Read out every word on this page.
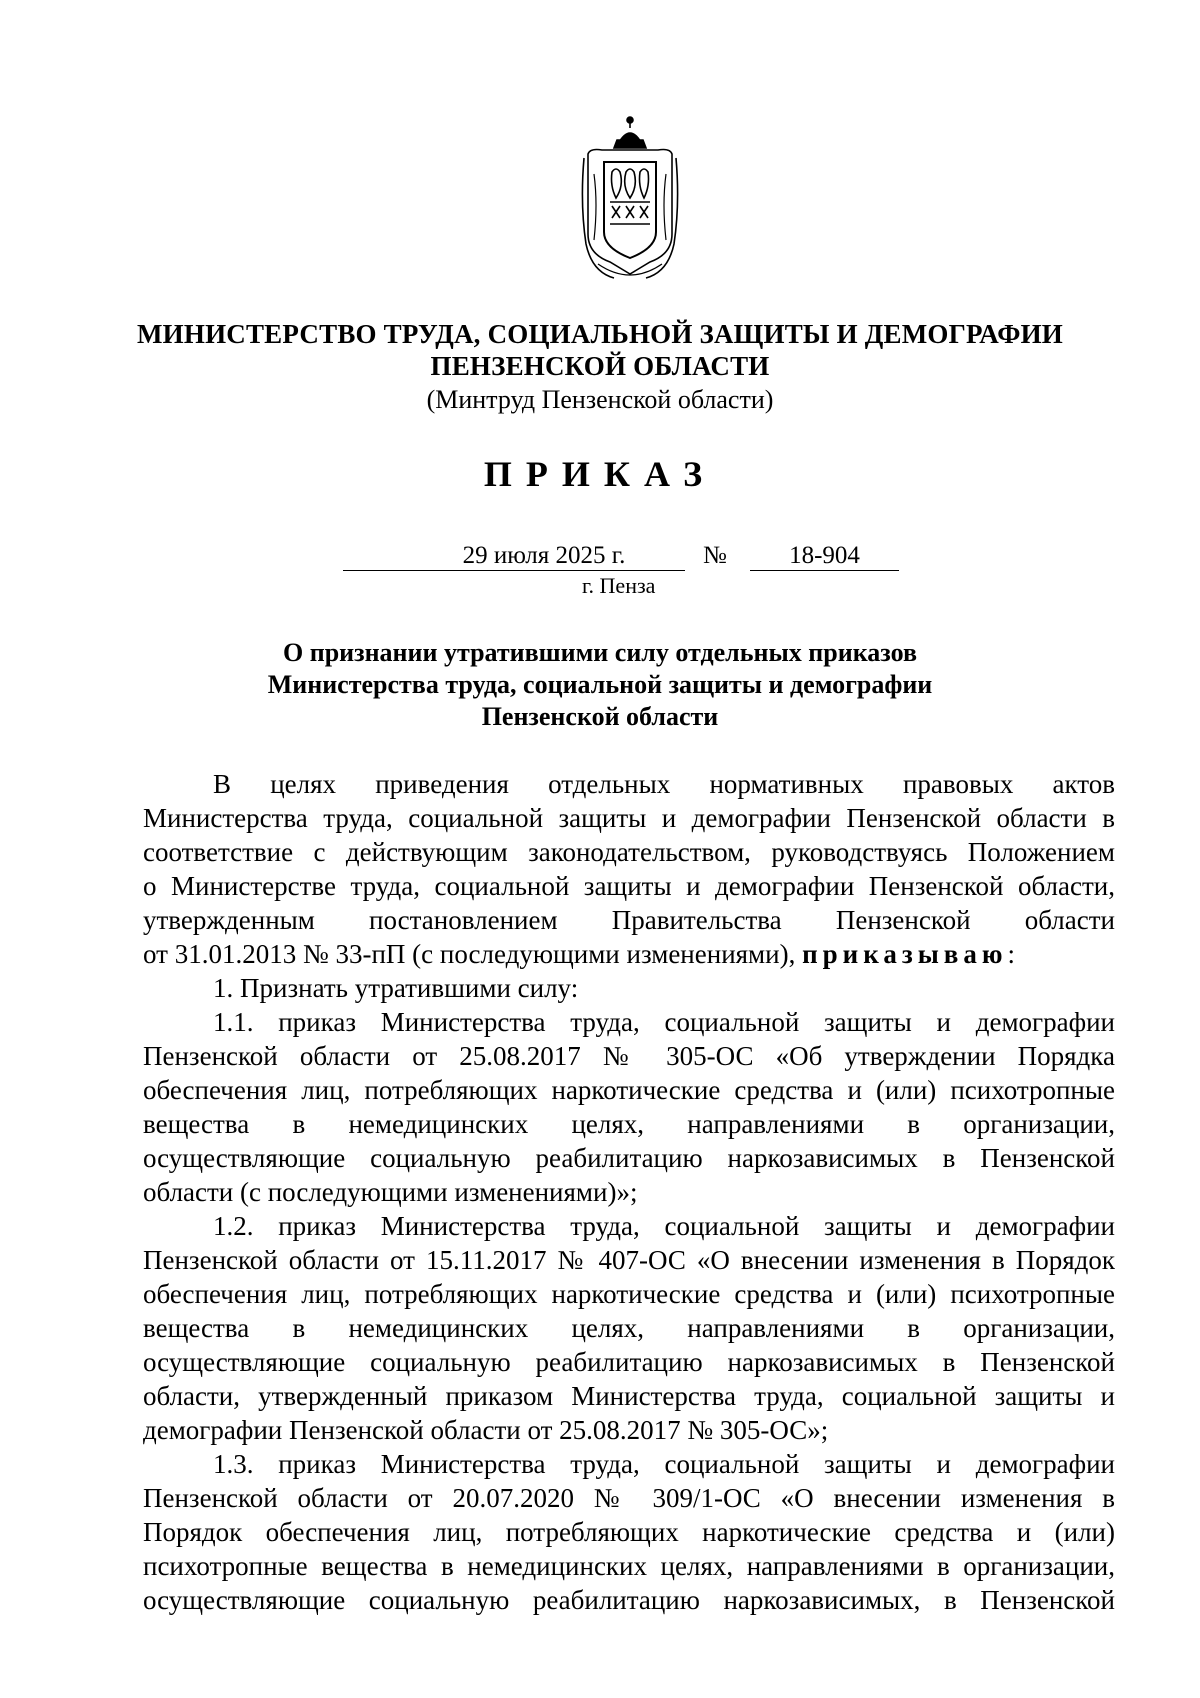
МИНИСТЕРСТВО ТРУДА, СОЦИАЛЬНОЙ ЗАЩИТЫ И ДЕМОГРАФИИ
ПЕНЗЕНСКОЙ ОБЛАСТИ
(Минтруд Пензенской области)
ПРИКАЗ
29 июля 2025 г.	№	18-904
г. Пенза
О признании утратившими силу отдельных приказов
Министерства труда, социальной защиты и демографии
Пензенской области
В целях приведения отдельных нормативных правовых актов
Министерства труда, социальной защиты и демографии Пензенской области в
соответствие с действующим законодательством, руководствуясь Положением
о Министерстве труда, социальной защиты и демографии Пензенской области,
утвержденным постановлением Правительства Пензенской области
от 31.01.2013 № 33-пП (с последующими изменениями), приказываю:
1. Признать утратившими силу:
1.1. приказ Министерства труда, социальной защиты и демографии
Пензенской области от 25.08.2017 № 305-ОС «Об утверждении Порядка
обеспечения лиц, потребляющих наркотические средства и (или) психотропные
вещества в немедицинских целях, направлениями в организации,
осуществляющие социальную реабилитацию наркозависимых в Пензенской
области (с последующими изменениями)»;
1.2. приказ Министерства труда, социальной защиты и демографии
Пензенской области от 15.11.2017 № 407-ОС «О внесении изменения в Порядок
обеспечения лиц, потребляющих наркотические средства и (или) психотропные
вещества в немедицинских целях, направлениями в организации,
осуществляющие социальную реабилитацию наркозависимых в Пензенской
области, утвержденный приказом Министерства труда, социальной защиты и
демографии Пензенской области от 25.08.2017 № 305-ОС»;
1.3. приказ Министерства труда, социальной защиты и демографии
Пензенской области от 20.07.2020 № 309/1-ОС «О внесении изменения в
Порядок обеспечения лиц, потребляющих наркотические средства и (или)
психотропные вещества в немедицинских целях, направлениями в организации,
осуществляющие социальную реабилитацию наркозависимых, в Пензенской
